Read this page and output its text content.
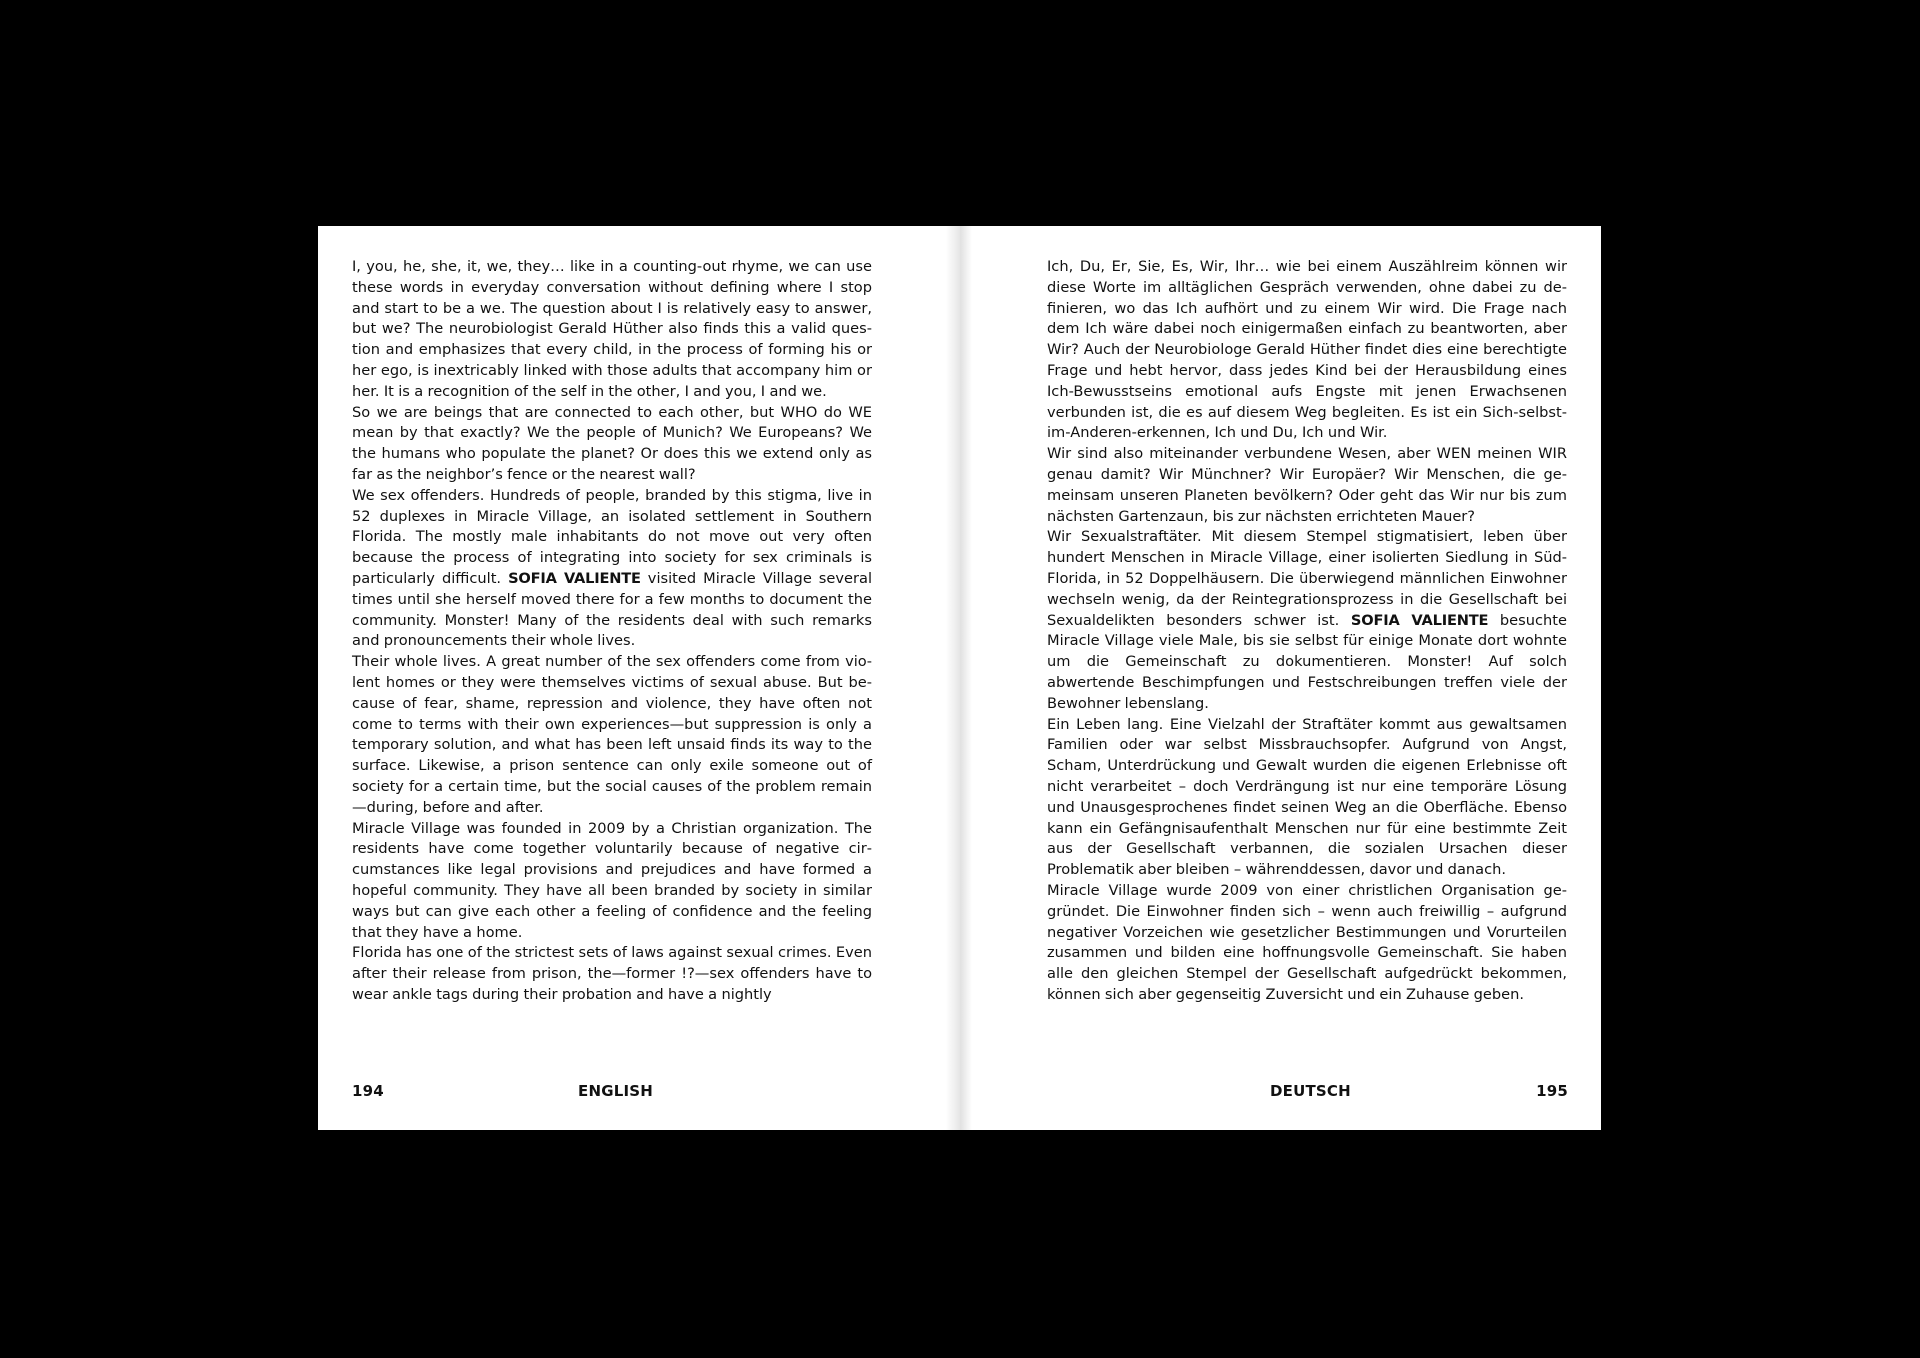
I, you, he, she, it, we, they… like in a counting-out rhyme, we can use these words in everyday conversation without defining where I stop and start to be a we. The question about I is relatively easy to answer, but we? The neurobiologist Gerald Hüther also finds this a valid question and emphasizes that every child, in the process of forming his or her ego, is inextricably linked with those adults that accompany him or her. It is a recognition of the self in the other, I and you, I and we.

So we are beings that are connected to each other, but WHO do WE mean by that exactly? We the people of Munich? We Europeans? We the humans who populate the planet? Or does this we extend only as far as the neighbor’s fence or the nearest wall?

We sex offenders. Hundreds of people, branded by this stigma, live in 52 duplexes in Miracle Village, an isolated settlement in Southern Florida. The mostly male inhabitants do not move out very often because the process of integrating into society for sex criminals is particularly difficult. SOFIA VALIENTE visited Miracle Village several times until she herself moved there for a few months to document the community. Monster! Many of the residents deal with such remarks and pronouncements their whole lives.

Their whole lives. A great number of the sex offenders come from violent homes or they were themselves victims of sexual abuse. But because of fear, shame, repression and violence, they have often not come to terms with their own experiences—but suppression is only a temporary solution, and what has been left unsaid finds its way to the surface. Likewise, a prison sentence can only exile someone out of society for a certain time, but the social causes of the problem remain—during, before and after.

Miracle Village was founded in 2009 by a Christian organization. The residents have come together voluntarily because of negative circumstances like legal provisions and prejudices and have formed a hopeful community. They have all been branded by society in similar ways but can give each other a feeling of confidence and the feeling that they have a home.

Florida has one of the strictest sets of laws against sexual crimes. Even after their release from prison, the—former !?—sex offenders have to wear ankle tags during their probation and have a nightly

194	ENGLISH

Ich, Du, Er, Sie, Es, Wir, Ihr… wie bei einem Auszählreim können wir diese Worte im alltäglichen Gespräch verwenden, ohne dabei zu definieren, wo das Ich aufhört und zu einem Wir wird. Die Frage nach dem Ich wäre dabei noch einigermaßen einfach zu beantworten, aber Wir? Auch der Neurobiologe Gerald Hüther findet dies eine berechtigte Frage und hebt hervor, dass jedes Kind bei der Herausbildung eines Ich-Bewusstseins emotional aufs Engste mit jenen Erwachsenen verbunden ist, die es auf diesem Weg begleiten. Es ist ein Sich-selbst-im-Anderen-erkennen, Ich und Du, Ich und Wir.

Wir sind also miteinander verbundene Wesen, aber WEN meinen WIR genau damit? Wir Münchner? Wir Europäer? Wir Menschen, die gemeinsam unseren Planeten bevölkern? Oder geht das Wir nur bis zum nächsten Gartenzaun, bis zur nächsten errichteten Mauer?

Wir Sexualstraftäter. Mit diesem Stempel stigmatisiert, leben über hundert Menschen in Miracle Village, einer isolierten Siedlung in Süd-Florida, in 52 Doppelhäusern. Die überwiegend männlichen Einwohner wechseln wenig, da der Reintegrationsprozess in die Gesellschaft bei Sexualdelikten besonders schwer ist. SOFIA VALIENTE besuchte Miracle Village viele Male, bis sie selbst für einige Monate dort wohnte um die Gemeinschaft zu dokumentieren. Monster! Auf solch abwertende Beschimpfungen und Festschreibungen treffen viele der Bewohner lebenslang.

Ein Leben lang. Eine Vielzahl der Straftäter kommt aus gewaltsamen Familien oder war selbst Missbrauchsopfer. Aufgrund von Angst, Scham, Unterdrückung und Gewalt wurden die eigenen Erlebnisse oft nicht verarbeitet – doch Verdrängung ist nur eine temporäre Lösung und Unausgesprochenes findet seinen Weg an die Oberfläche. Ebenso kann ein Gefängnisaufenthalt Menschen nur für eine bestimmte Zeit aus der Gesellschaft verbannen, die sozialen Ursachen dieser Problematik aber bleiben – währenddessen, davor und danach.

Miracle Village wurde 2009 von einer christlichen Organisation gegründet. Die Einwohner finden sich – wenn auch freiwillig – aufgrund negativer Vorzeichen wie gesetzlicher Bestimmungen und Vorurteilen zusammen und bilden eine hoffnungsvolle Gemeinschaft. Sie haben alle den gleichen Stempel der Gesellschaft aufgedrückt bekommen, können sich aber gegenseitig Zuversicht und ein Zuhause geben.

DEUTSCH	195
